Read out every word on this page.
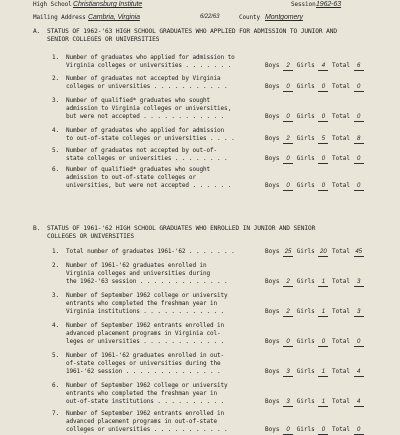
High School Christiansburg Institute	Session 1962-63
Mailing Address Cambria, Virginia	6/22/63	County Montgomery
A. STATUS OF 1962-'63 HIGH SCHOOL GRADUATES WHO APPLIED FOR ADMISSION TO JUNIOR AND
SENIOR COLLEGES OR UNIVERSITIES
1. Number of graduates who applied for admission to
Virginia colleges or universities . . . . . . .	Boys 2 Girls 4 Total 6
2. Number of graduates not accepted by Virginia
colleges or universities . . . . . . . . . . .	Boys 0 Girls 0 Total 0
3. Number of qualified* graduates who sought
admission to Virginia colleges or universities,
but were not accepted . . . . . . . . . . . .	Boys 0 Girls 0 Total 0
4. Number of graduates who applied for admission
to out-of-state colleges or universities . . . .	Boys 2 Girls 5 Total 8
5. Number of graduates not accepted by out-of-
state colleges or universities . . . . . . . .	Boys 0 Girls 0 Total 0
6. Number of qualified* graduates who sought
admission to out-of-state colleges or
universities, but were not accepted . . . . . .	Boys 0 Girls 0 Total 0
B. STATUS OF 1961-'62 HIGH SCHOOL GRADUATES WHO ENROLLED IN JUNIOR AND SENIOR
COLLEGES OR UNIVERSITIES
1. Total number of graduates 1961-'62 . . . . . . .	Boys 25 Girls 20 Total 45
2. Number of 1961-'62 graduates enrolled in
Virginia colleges and universities during
the 1962-'63 session . . . . . . . . . . . . .	Boys 2 Girls 1 Total 3
3. Number of September 1962 college or university
entrants who completed the freshman year in
Virginia institutions . . . . . . . . . . . .	Boys 2 Girls 1 Total 3
4. Number of September 1962 entrants enrolled in
advanced placement programs in Virginia col-
leges or universities . . . . . . . . . . . .	Boys 0 Girls 0 Total 0
5. Number of 1961-'62 graduates enrolled in out-
of-state colleges or universities during the
1961-'62 session . . . . . . . . . . . . . .	Boys 3 Girls 1 Total 4
6. Number of September 1962 college or university
entrants who completed the freshman year in
out-of-state institutions . . . . . . . . . .	Boys 3 Girls 1 Total 4
7. Number of September 1962 entrants enrolled in
advanced placement programs in out-of-state
colleges or universities . . . . . . . . . . .	Boys 0 Girls 0 Total 0
